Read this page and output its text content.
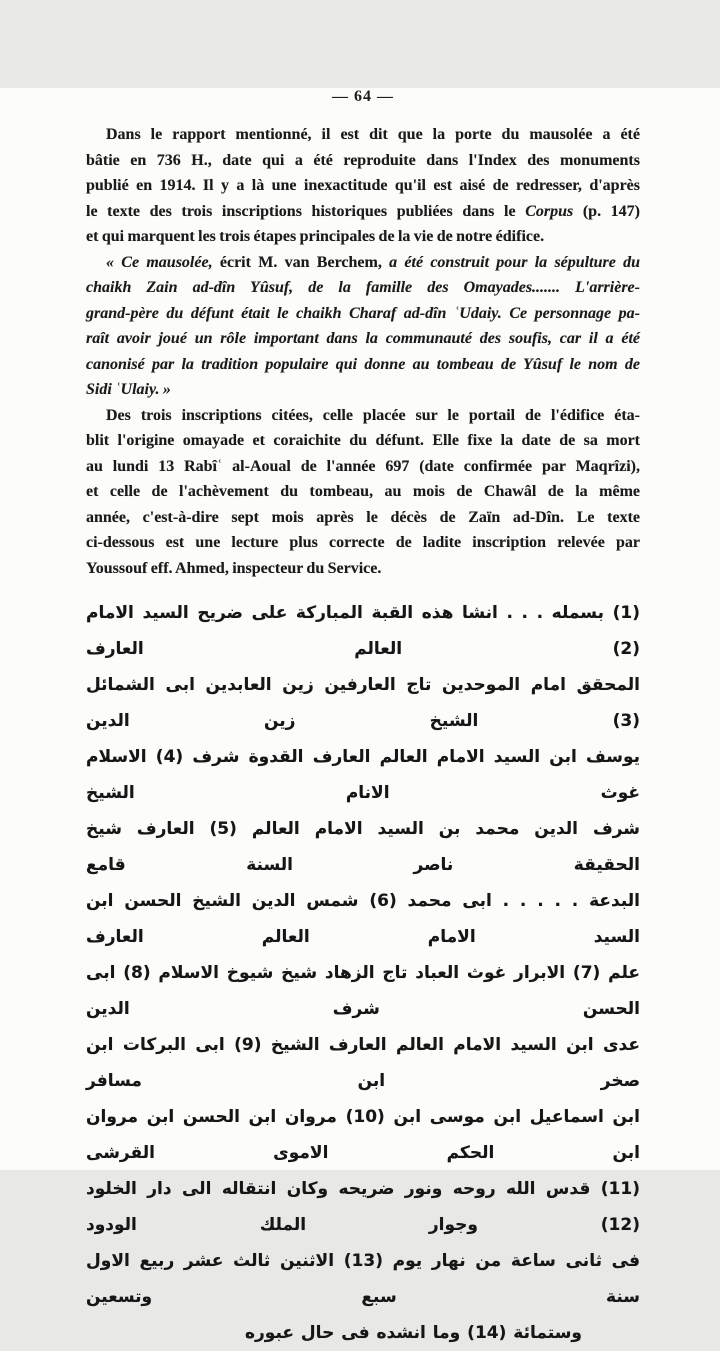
— 64 —
Dans le rapport mentionné, il est dit que la porte du mausolée a été
bâtie en 736 H., date qui a été reproduite dans l'Index des monuments
publié en 1914. Il y a là une inexactitude qu'il est aisé de redresser, d'après
le texte des trois inscriptions historiques publiées dans le Corpus (p. 147)
et qui marquent les trois étapes principales de la vie de notre édifice.
« Ce mausolée, écrit M. van Berchem, a été construit pour la sépulture du
chaikh Zain ad-dîn Yûsuf, de la famille des Omayades....... L'arrière-
grand-père du défunt était le chaikh Charaf ad-dîn ʿUdaiy. Ce personnage pa-
raît avoir joué un rôle important dans la communauté des soufis, car il a été
canonisé par la tradition populaire qui donne au tombeau de Yûsuf le nom de
Sidi ʿUlaiy. »
Des trois inscriptions citées, celle placée sur le portail de l'édifice éta-
blit l'origine omayade et coraichite du défunt. Elle fixe la date de sa mort
au lundi 13 Rabîʿ al-Aoual de l'année 697 (date confirmée par Maqrîzi),
et celle de l'achèvement du tombeau, au mois de Chawâl de la même
année, c'est-à-dire sept mois après le décès de Zaïn ad-Dîn. Le texte
ci-dessous est une lecture plus correcte de ladite inscription relevée par
Youssouf eff. Ahmed, inspecteur du Service.
(1) بسمله . . . انشا هذه القبة المباركة على ضريح السيد الامام (2) العالم العارف
المحقق امام الموحدين تاج العارفين زين العابدين ابى الشمائل (3) الشيخ زين الدين
يوسف ابن السيد الامام العالم العارف القدوة شرف (4) الاسلام غوث الانام الشيخ
شرف الدين محمد بن السيد الامام العالم (5) العارف شيخ الحقيقة ناصر السنة قامع
البدعة . . . . . ابى محمد (6) شمس الدين الشيخ الحسن ابن السيد الامام العالم العارف
علم (7) الابرار غوث العباد تاج الزهاد شيخ شيوخ الاسلام (8) ابى الحسن شرف الدين
عدى ابن السيد الامام العالم العارف الشيخ (9) ابى البركات ابن صخر ابن مسافر
ابن اسماعيل ابن موسى ابن (10) مروان ابن الحسن ابن مروان ابن الحكم الاموى القرشى
(11) قدس الله روحه ونور ضريحه وكان انتقاله الى دار الخلود (12) وجوار الملك الودود
فى ثانى ساعة من نهار يوم (13) الاثنين ثالث عشر ربيع الاول سنة سبع وتسعين
وستمائة (14) وما انشده فى حال عبوره
